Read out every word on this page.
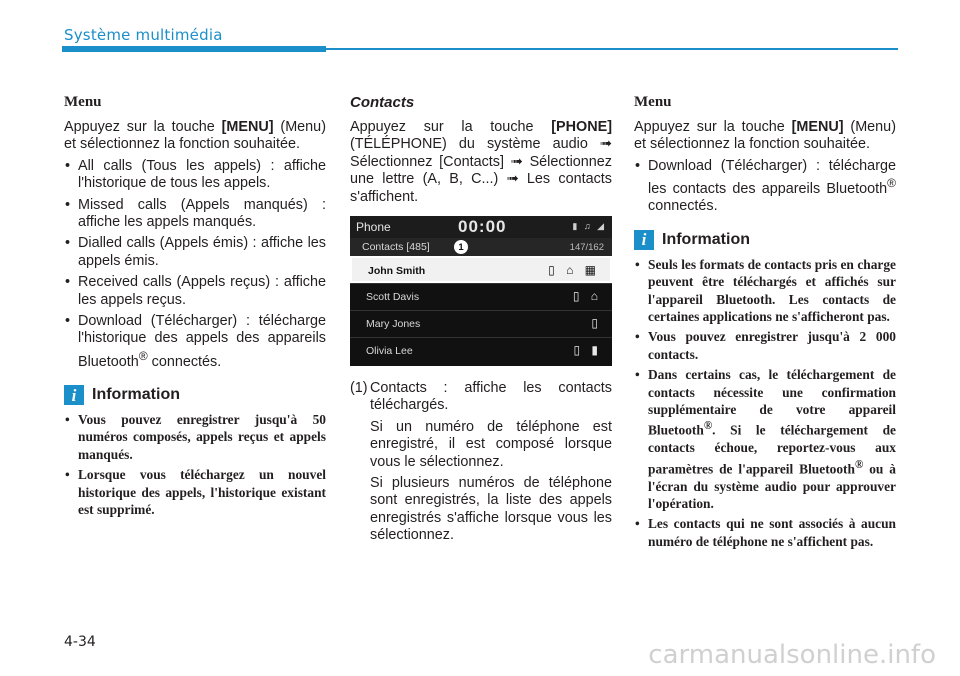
Système multimédia
Menu

Appuyez sur la touche [MENU] (Menu) et sélectionnez la fonction souhaitée.

• All calls (Tous les appels) : affiche l'historique de tous les appels.
• Missed calls (Appels manqués) : affiche les appels manqués.
• Dialled calls (Appels émis) : affiche les appels émis.
• Received calls (Appels reçus) : affiche les appels reçus.
• Download (Télécharger) : télécharge l'historique des appels des appareils Bluetooth® connectés.
i Information
• Vous pouvez enregistrer jusqu'à 50 numéros composés, appels reçus et appels manqués.
• Lorsque vous téléchargez un nouvel historique des appels, l'historique existant est supprimé.
Contacts

Appuyez sur la touche [PHONE] (TÉLÉPHONE) du système audio ➟ Sélectionnez [Contacts] ➟ Sélectionnez une lettre (A, B, C...) ➟ Les contacts s'affichent.

Phone	00:00	▮ ♫ ◢
Contacts [485]	147/162
1
John Smith	▯ ⌂ ▦
Scott Davis	▯ ⌂
Mary Jones	▯
Olivia Lee	▯ ▮
(1) Contacts : affiche les contacts téléchargés.

Si un numéro de téléphone est enregistré, il est composé lorsque vous le sélectionnez.

Si plusieurs numéros de téléphone sont enregistrés, la liste des appels enregistrés s'affiche lorsque vous les sélectionnez.

Menu

Appuyez sur la touche [MENU] (Menu) et sélectionnez la fonction souhaitée.

• Download (Télécharger) : télécharge les contacts des appareils Bluetooth® connectés.
i Information
• Seuls les formats de contacts pris en charge peuvent être téléchargés et affichés sur l'appareil Bluetooth. Les contacts de certaines applications ne s'afficheront pas.
• Vous pouvez enregistrer jusqu'à 2 000 contacts.
• Dans certains cas, le téléchargement de contacts nécessite une confirmation supplémentaire de votre appareil Bluetooth®. Si le téléchargement de contacts échoue, reportez-vous aux paramètres de l'appareil Bluetooth® ou à l'écran du système audio pour approuver l'opération.
• Les contacts qui ne sont associés à aucun numéro de téléphone ne s'affichent pas.
4-34	carmanualsonline.info
